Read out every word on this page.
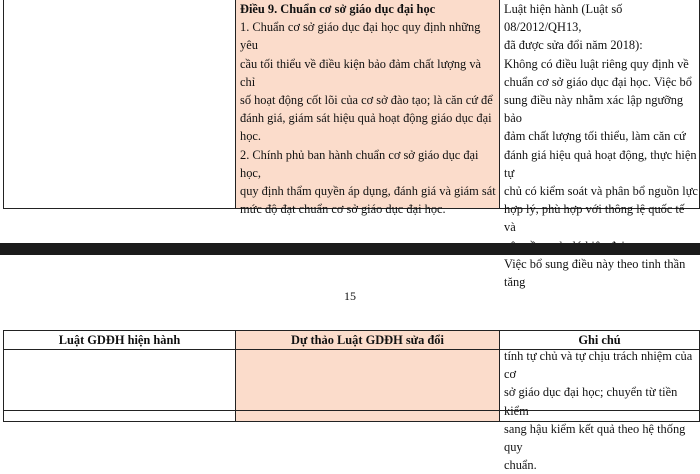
Điều 9. Chuẩn cơ sở giáo dục đại học
1. Chuẩn cơ sở giáo dục đại học quy định những yêu
cầu tối thiểu về điều kiện bảo đảm chất lượng và chỉ
số hoạt động cốt lõi của cơ sở đào tạo; là căn cứ để
đánh giá, giám sát hiệu quả hoạt động giáo dục đại
học.
2. Chính phủ ban hành chuẩn cơ sở giáo dục đại học,
quy định thẩm quyền áp dụng, đánh giá và giám sát
mức độ đạt chuẩn cơ sở giáo dục đại học.
Luật hiện hành (Luật số 08/2012/QH13,
đã được sửa đổi năm 2018):
Không có điều luật riêng quy định về
chuẩn cơ sở giáo dục đại học. Việc bổ
sung điều này nhằm xác lập ngưỡng bảo
đảm chất lượng tối thiểu, làm căn cứ
đánh giá hiệu quả hoạt động, thực hiện tự
chủ có kiểm soát và phân bổ nguồn lực
hợp lý, phù hợp với thông lệ quốc tế và
Việc bổ sung điều này theo tinh thần tăng
15
Luật GDĐH hiện hành	Dự thảo Luật GDĐH sửa đổi	Ghi chú
tính tự chủ và tự chịu trách nhiệm của cơ
sở giáo dục đại học; chuyển từ tiền kiểm
sang hậu kiểm kết quả theo hệ thống quy
chuẩn.
